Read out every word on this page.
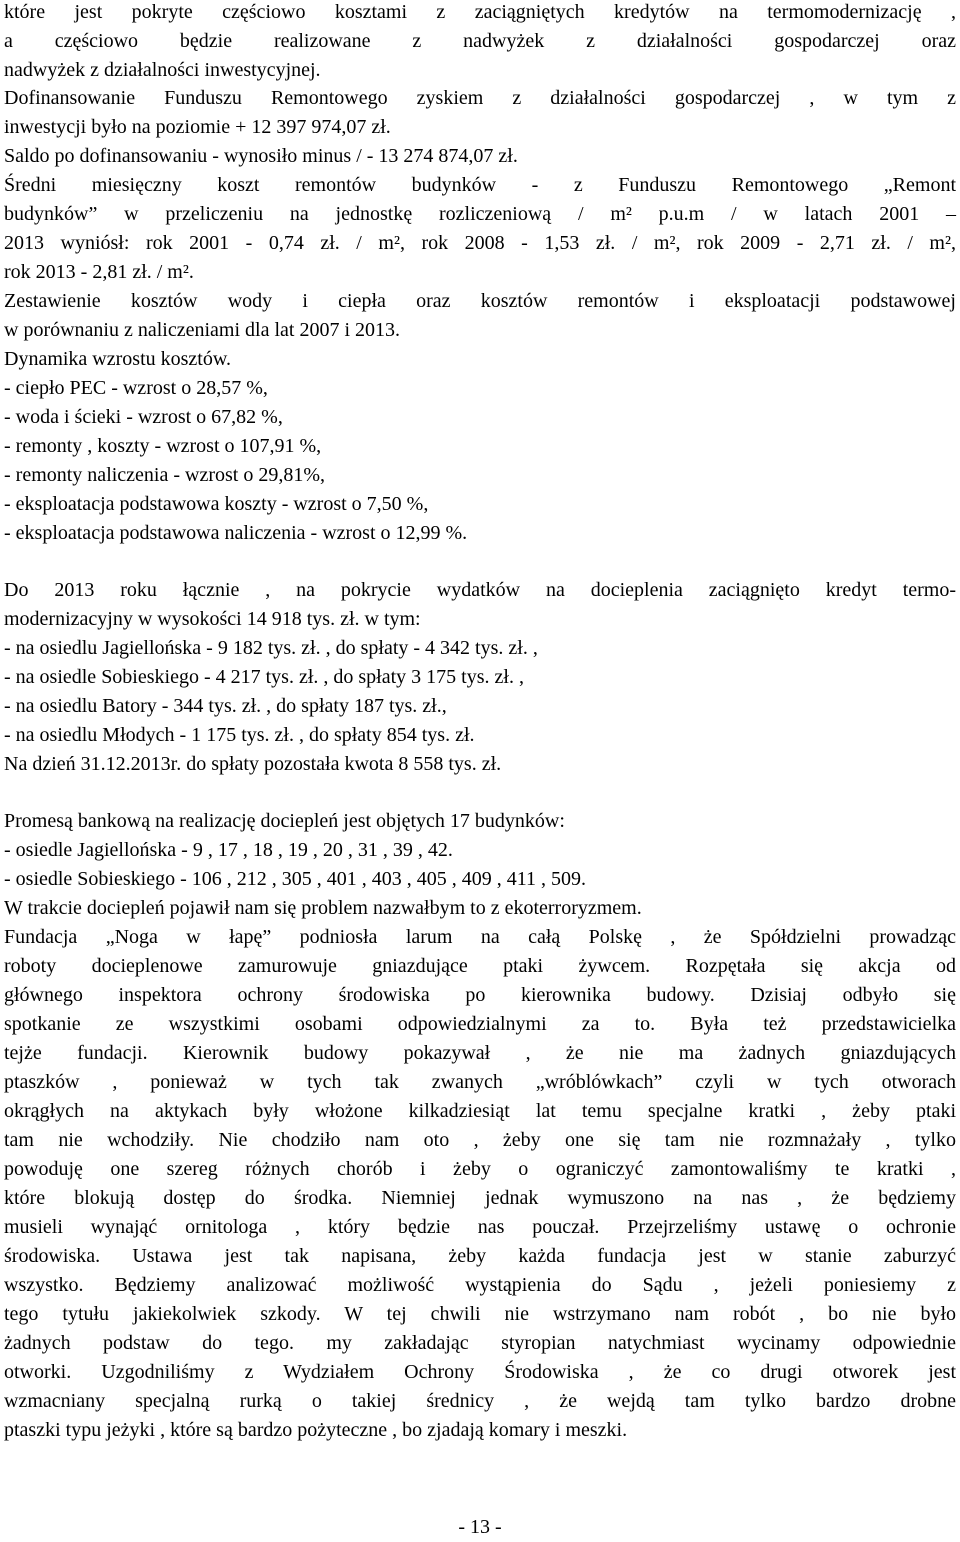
które jest pokryte częściowo kosztami z zaciągniętych kredytów na termomodernizację ,
a częściowo będzie realizowane z nadwyżek z działalności gospodarczej oraz
nadwyżek z działalności inwestycyjnej.
Dofinansowanie Funduszu Remontowego zyskiem z działalności gospodarczej , w tym z
inwestycji było na poziomie + 12 397 974,07 zł.
Saldo po dofinansowaniu - wynosiło minus / - 13 274 874,07 zł.
Średni miesięczny koszt remontów budynków - z Funduszu Remontowego „Remont
budynków” w przeliczeniu na jednostkę rozliczeniową / m² p.u.m / w latach 2001 –
2013 wyniósł: rok 2001 - 0,74 zł. / m², rok 2008 - 1,53 zł. / m², rok 2009 - 2,71 zł. / m²,
rok 2013 - 2,81 zł. / m².
Zestawienie kosztów wody i ciepła oraz kosztów remontów i eksploatacji podstawowej
w porównaniu z naliczeniami dla lat 2007 i 2013.
Dynamika wzrostu kosztów.
- ciepło PEC - wzrost o 28,57 %,
- woda i ścieki - wzrost o 67,82 %,
- remonty , koszty - wzrost o 107,91 %,
- remonty naliczenia - wzrost o 29,81%,
- eksploatacja podstawowa koszty - wzrost o 7,50 %,
- eksploatacja podstawowa naliczenia - wzrost o 12,99 %.
Do 2013 roku łącznie , na pokrycie wydatków na docieplenia zaciągnięto kredyt termo-
modernizacyjny w wysokości 14 918 tys. zł. w tym:
- na osiedlu Jagiellońska - 9 182 tys. zł. , do spłaty - 4 342 tys. zł. ,
- na osiedle Sobieskiego - 4 217 tys. zł. , do spłaty 3 175 tys. zł. ,
- na osiedlu Batory - 344 tys. zł. , do spłaty 187 tys. zł.,
- na osiedlu Młodych - 1 175 tys. zł. , do spłaty 854 tys. zł.
Na dzień 31.12.2013r. do spłaty pozostała kwota 8 558 tys. zł.
Promesą bankową na realizację dociepleń jest objętych 17 budynków:
- osiedle Jagiellońska - 9 , 17 , 18 , 19 , 20 , 31 , 39 , 42.
- osiedle Sobieskiego - 106 , 212 , 305 , 401 , 403 , 405 , 409 , 411 , 509.
W trakcie dociepleń pojawił nam się problem nazwałbym to z ekoterroryzmem.
Fundacja „Noga w łapę” podniosła larum na całą Polskę , że Spółdzielni prowadząc
roboty docieplenowe zamurowuje gniazdujące ptaki żywcem. Rozpętała się akcja od
głównego inspektora ochrony środowiska po kierownika budowy. Dzisiaj odbyło się
spotkanie ze wszystkimi osobami odpowiedzialnymi za to. Była też przedstawicielka
tejże fundacji. Kierownik budowy pokazywał , że nie ma żadnych gniazdujących
ptaszków , ponieważ w tych tak zwanych „wróblówkach” czyli w tych otworach
okrągłych na aktykach były włożone kilkadziesiąt lat temu specjalne kratki , żeby ptaki
tam nie wchodziły. Nie chodziło nam oto , żeby one się tam nie rozmnażały , tylko
powoduję one szereg różnych chorób i żeby o ograniczyć zamontowaliśmy te kratki ,
które blokują dostęp do środka. Niemniej jednak wymuszono na nas , że będziemy
musieli wynająć ornitologa , który będzie nas pouczał. Przejrzeliśmy ustawę o ochronie
środowiska. Ustawa jest tak napisana, żeby każda fundacja jest w stanie zaburzyć
wszystko. Będziemy analizować możliwość wystąpienia do Sądu , jeżeli poniesiemy z
tego tytułu jakiekolwiek szkody. W tej chwili nie wstrzymano nam robót , bo nie było
żadnych podstaw do tego. my zakładając styropian natychmiast wycinamy odpowiednie
otworki. Uzgodniliśmy z Wydziałem Ochrony Środowiska , że co drugi otworek jest
wzmacniany specjalną rurką o takiej średnicy , że wejdą tam tylko bardzo drobne
ptaszki typu jeżyki , które są bardzo pożyteczne , bo zjadają komary i meszki.
- 13 -
